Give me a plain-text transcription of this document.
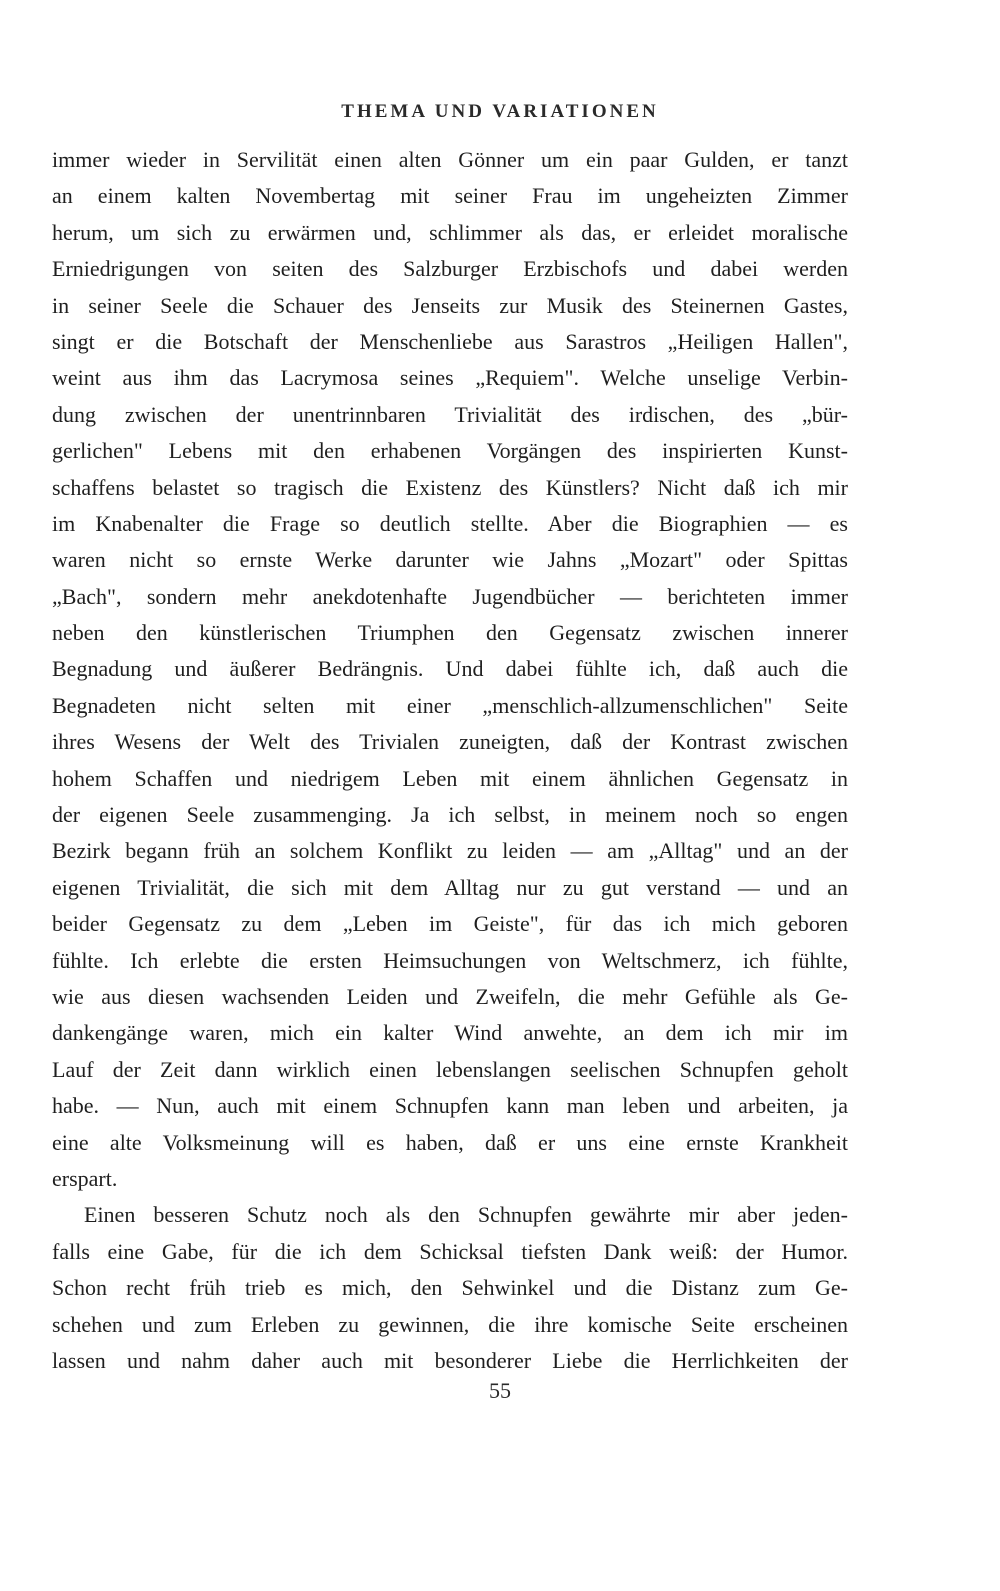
THEMA UND VARIATIONEN
immer wieder in Servilität einen alten Gönner um ein paar Gulden, er tanzt
an einem kalten Novembertag mit seiner Frau im ungeheizten Zimmer
herum, um sich zu erwärmen und, schlimmer als das, er erleidet moralische
Erniedrigungen von seiten des Salzburger Erzbischofs und dabei werden
in seiner Seele die Schauer des Jenseits zur Musik des Steinernen Gastes,
singt er die Botschaft der Menschenliebe aus Sarastros „Heiligen Hallen",
weint aus ihm das Lacrymosa seines „Requiem". Welche unselige Verbin-
dung zwischen der unentrinnbaren Trivialität des irdischen, des „bür-
gerlichen" Lebens mit den erhabenen Vorgängen des inspirierten Kunst-
schaffens belastet so tragisch die Existenz des Künstlers? Nicht daß ich mir
im Knabenalter die Frage so deutlich stellte. Aber die Biographien — es
waren nicht so ernste Werke darunter wie Jahns „Mozart" oder Spittas
„Bach", sondern mehr anekdotenhafte Jugendbücher — berichteten immer
neben den künstlerischen Triumphen den Gegensatz zwischen innerer
Begnadung und äußerer Bedrängnis. Und dabei fühlte ich, daß auch die
Begnadeten nicht selten mit einer „menschlich-allzumenschlichen" Seite
ihres Wesens der Welt des Trivialen zuneigten, daß der Kontrast zwischen
hohem Schaffen und niedrigem Leben mit einem ähnlichen Gegensatz in
der eigenen Seele zusammenging. Ja ich selbst, in meinem noch so engen
Bezirk begann früh an solchem Konflikt zu leiden — am „Alltag" und an der
eigenen Trivialität, die sich mit dem Alltag nur zu gut verstand — und an
beider Gegensatz zu dem „Leben im Geiste", für das ich mich geboren
fühlte. Ich erlebte die ersten Heimsuchungen von Weltschmerz, ich fühlte,
wie aus diesen wachsenden Leiden und Zweifeln, die mehr Gefühle als Ge-
dankengänge waren, mich ein kalter Wind anwehte, an dem ich mir im
Lauf der Zeit dann wirklich einen lebenslangen seelischen Schnupfen geholt
habe. — Nun, auch mit einem Schnupfen kann man leben und arbeiten, ja
eine alte Volksmeinung will es haben, daß er uns eine ernste Krankheit
erspart.
Einen besseren Schutz noch als den Schnupfen gewährte mir aber jeden-
falls eine Gabe, für die ich dem Schicksal tiefsten Dank weiß: der Humor.
Schon recht früh trieb es mich, den Sehwinkel und die Distanz zum Ge-
schehen und zum Erleben zu gewinnen, die ihre komische Seite erscheinen
lassen und nahm daher auch mit besonderer Liebe die Herrlichkeiten der
55
